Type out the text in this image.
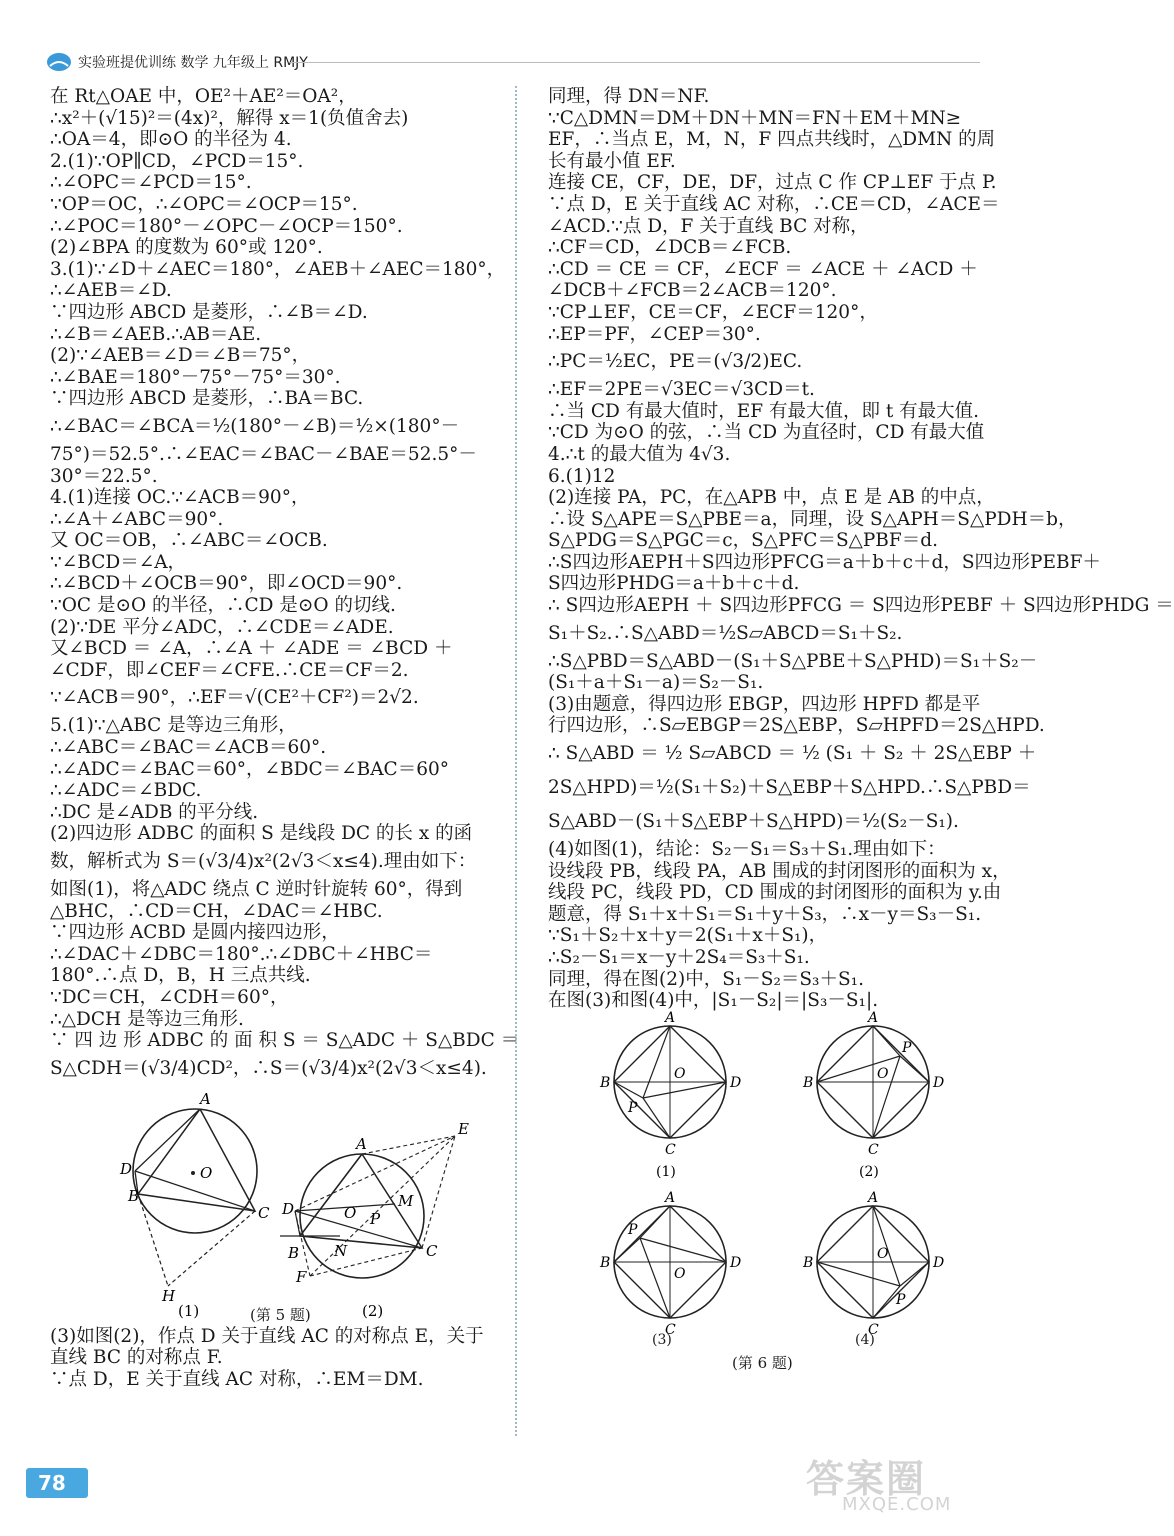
实验班提优训练 数学 九年级上 RMJY
在 Rt△OAE 中，OE²＋AE²＝OA²，
∴x²＋(√15)²＝(4x)²，解得 x＝1(负值舍去)
∴OA＝4，即⊙O 的半径为 4.
2.(1)∵OP∥CD，∠PCD＝15°.
∴∠OPC＝∠PCD＝15°.
∵OP＝OC，∴∠OPC＝∠OCP＝15°.
∴∠POC＝180°－∠OPC－∠OCP＝150°.
(2)∠BPA 的度数为 60°或 120°.
3.(1)∵∠D＋∠AEC＝180°，∠AEB＋∠AEC＝180°，
∴∠AEB＝∠D.
∵四边形 ABCD 是菱形，∴∠B＝∠D.
∴∠B＝∠AEB.∴AB＝AE.
(2)∵∠AEB＝∠D＝∠B＝75°，
∴∠BAE＝180°－75°－75°＝30°.
∵四边形 ABCD 是菱形，∴BA＝BC.
∴∠BAC＝∠BCA＝½(180°－∠B)＝½×(180°－
75°)＝52.5°.∴∠EAC＝∠BAC－∠BAE＝52.5°－
30°＝22.5°.
4.(1)连接 OC.∵∠ACB＝90°，
∴∠A＋∠ABC＝90°.
又 OC＝OB，∴∠ABC＝∠OCB.
∵∠BCD＝∠A，
∴∠BCD＋∠OCB＝90°，即∠OCD＝90°.
∵OC 是⊙O 的半径，∴CD 是⊙O 的切线.
(2)∵DE 平分∠ADC，∴∠CDE＝∠ADE.
又∠BCD ＝ ∠A，∴∠A ＋ ∠ADE ＝ ∠BCD ＋
∠CDF，即∠CEF＝∠CFE.∴CE＝CF＝2.
∵∠ACB＝90°，∴EF＝√(CE²＋CF²)＝2√2.
5.(1)∵△ABC 是等边三角形，
∴∠ABC＝∠BAC＝∠ACB＝60°.
∴∠ADC＝∠BAC＝60°，∠BDC＝∠BAC＝60°
∴∠ADC＝∠BDC.
∴DC 是∠ADB 的平分线.
(2)四边形 ADBC 的面积 S 是线段 DC 的长 x 的函
数，解析式为 S＝(√3/4)x²(2√3＜x≤4).理由如下：
如图(1)，将△ADC 绕点 C 逆时针旋转 60°，得到
△BHC，∴CD＝CH，∠DAC＝∠HBC.
∵四边形 ACBD 是圆内接四边形，
∴∠DAC＋∠DBC＝180°.∴∠DBC＋∠HBC＝
180°.∴点 D，B，H 三点共线.
∵DC＝CH，∠CDH＝60°，
∴△DCH 是等边三角形.
∵ 四 边 形 ADBC 的 面 积 S ＝ S△ADC ＋ S△BDC ＝
S△CDH＝(√3/4)CD²，∴S＝(√3/4)x²(2√3＜x≤4).
A
D	O
B
C
H
(1)
A
E
M
O P
D
B N	C
F
(2)
(第 5 题)
(3)如图(2)，作点 D 关于直线 AC 的对称点 E，关于
直线 BC 的对称点 F.
∵点 D，E 关于直线 AC 对称，∴EM＝DM.
同理，得 DN＝NF.
∵C△DMN＝DM＋DN＋MN＝FN＋EM＋MN≥
EF，∴当点 E，M，N，F 四点共线时，△DMN 的周
长有最小值 EF.
连接 CE，CF，DE，DF，过点 C 作 CP⊥EF 于点 P.
∵点 D，E 关于直线 AC 对称，∴CE＝CD，∠ACE＝
∠ACD.∵点 D，F 关于直线 BC 对称，
∴CF＝CD，∠DCB＝∠FCB.
∴CD ＝ CE ＝ CF，∠ECF ＝ ∠ACE ＋ ∠ACD ＋
∠DCB＋∠FCB＝2∠ACB＝120°.
∵CP⊥EF，CE＝CF，∠ECF＝120°，
∴EP＝PF，∠CEP＝30°.
∴PC＝½EC，PE＝(√3/2)EC.
∴EF＝2PE＝√3EC＝√3CD＝t.
∴当 CD 有最大值时，EF 有最大值，即 t 有最大值.
∵CD 为⊙O 的弦，∴当 CD 为直径时，CD 有最大值
4.∴t 的最大值为 4√3.
6.(1)12
(2)连接 PA，PC，在△APB 中，点 E 是 AB 的中点，
∴设 S△APE＝S△PBE＝a，同理，设 S△APH＝S△PDH＝b，
S△PDG＝S△PGC＝c，S△PFC＝S△PBF＝d.
∴S四边形AEPH＋S四边形PFCG＝a＋b＋c＋d，S四边形PEBF＋
S四边形PHDG＝a＋b＋c＋d.
∴ S四边形AEPH ＋ S四边形PFCG ＝ S四边形PEBF ＋ S四边形PHDG ＝
S₁＋S₂.∴S△ABD＝½S▱ABCD＝S₁＋S₂.
∴S△PBD＝S△ABD－(S₁＋S△PBE＋S△PHD)＝S₁＋S₂－
(S₁＋a＋S₁－a)＝S₂－S₁.
(3)由题意，得四边形 EBGP，四边形 HPFD 都是平
行四边形，∴S▱EBGP＝2S△EBP，S▱HPFD＝2S△HPD.
∴ S△ABD ＝ ½ S▱ABCD ＝ ½ (S₁ ＋ S₂ ＋ 2S△EBP ＋
2S△HPD)＝½(S₁＋S₂)＋S△EBP＋S△HPD.∴S△PBD＝
S△ABD－(S₁＋S△EBP＋S△HPD)＝½(S₂－S₁).
(4)如图(1)，结论：S₂－S₁＝S₃＋S₁.理由如下：
设线段 PB，线段 PA，AB 围成的封闭图形的面积为 x，
线段 PC，线段 PD，CD 围成的封闭图形的面积为 y.由
题意，得 S₁＋x＋S₁＝S₁＋y＋S₃，∴x－y＝S₃－S₁.
∵S₁＋S₂＋x＋y＝2(S₁＋x＋S₁)，
∴S₂－S₁＝x－y＋2S₄＝S₃＋S₁.
同理，得在图(2)中，S₁－S₂＝S₃＋S₁.
在图(3)和图(4)中，|S₁－S₂|＝|S₃－S₁|.
A
B
C
D
O
P
(1)
A
B
C
D
O
P
(2)
A
B
C
D
O
P
A
B
C
D
O
P
(3)	(4)
(第 6 题)
78	答案圈
MXQE.COM
